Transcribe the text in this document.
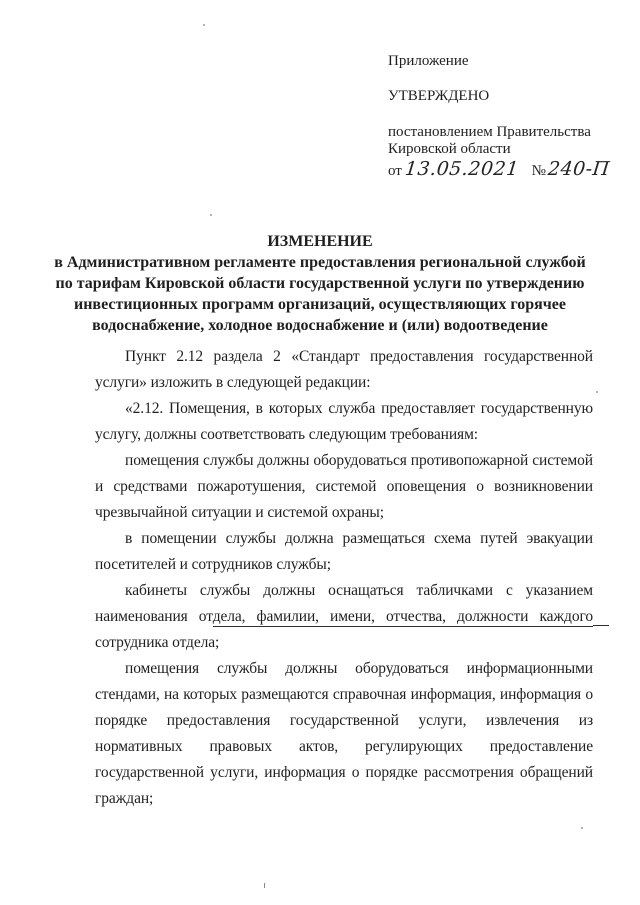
Приложение
УТВЕРЖДЕНО
постановлением Правительства
Кировской области
от13.05.2021 №240-П
ИЗМЕНЕНИЕ
в Административном регламенте предоставления региональной службой
по тарифам Кировской области государственной услуги по утверждению
инвестиционных программ организаций, осуществляющих горячее
водоснабжение, холодное водоснабжение и (или) водоотведение
Пункт 2.12 раздела 2 «Стандарт предоставления государственной
услуги» изложить в следующей редакции:
«2.12. Помещения, в которых служба предоставляет государственную
услугу, должны соответствовать следующим требованиям:
помещения службы должны оборудоваться противопожарной системой
и средствами пожаротушения, системой оповещения о возникновении
чрезвычайной ситуации и системой охраны;
в помещении службы должна размещаться схема путей эвакуации
посетителей и сотрудников службы;
кабинеты службы должны оснащаться табличками с указанием
наименования отдела, фамилии, имени, отчества, должности каждого
сотрудника отдела;
помещения службы должны оборудоваться информационными
стендами, на которых размещаются справочная информация, информация о
порядке предоставления государственной услуги, извлечения из
нормативных правовых актов, регулирующих предоставление
государственной услуги, информация о порядке рассмотрения обращений
граждан;
